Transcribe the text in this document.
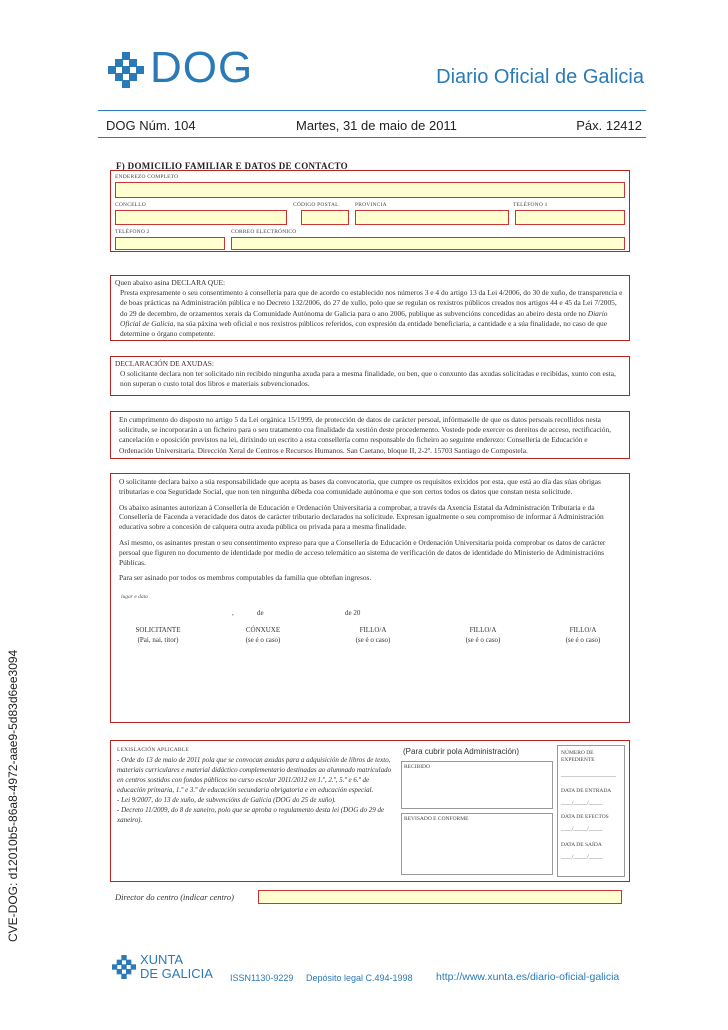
DOG	Diario Oficial de Galicia
DOG Núm. 104	Martes, 31 de maio de 2011	Páx. 12412
CVE-DOG: d12010b5-86a8-4972-aae9-5d83d6ee3094
F) DOMICILIO FAMILIAR E DATOS DE CONTACTO
ENDEREZO COMPLETO
CONCELLO	CÓDIGO POSTAL	PROVINCIA	TELÉFONO 1
TELÉFONO 2	CORREO ELECTRÓNICO
Quen abaixo asina DECLARA QUE:
Presta expresamente o seu consentimento á consellería para que de acordo co establecido nos números 3 e 4 do artigo 13 da Lei 4/2006, do 30 de xuño, de transparencia e de boas prácticas na Administración pública e no Decreto 132/2006, do 27 de xullo, polo que se regulan os rexistros públicos creados nos artigos 44 e 45 da Lei 7/2005, do 29 de decembro, de orzamentos xerais da Comunidade Autónoma de Galicia para o ano 2006, publique as subvencións concedidas ao abeiro desta orde no Diario Oficial de Galicia, na súa páxina web oficial e nos rexistros públicos referidos, con expresión da entidade beneficiaria, a cantidade e a súa finalidade, no caso de que determine o órgano competente.
DECLARACIÓN DE AXUDAS:
O solicitante declara non ter solicitado nin recibido ningunha axuda para a mesma finalidade, ou ben, que o conxunto das axudas solicitadas e recibidas, xunto con esta, non superan o custo total dos libros e materiais subvencionados.
En cumprimento do disposto no artigo 5 da Lei orgánica 15/1999, de protección de datos de carácter persoal, infórmaselle de que os datos persoais recollidos nesta solicitude, se incorporarán a un ficheiro para o seu tratamento coa finalidade da xestión deste procedemento. Vostede pode exercer os dereitos de acceso, rectificación, cancelación e oposición previstos na lei, dirixindo un escrito a esta consellería como responsable do ficheiro ao seguinte enderezo: Consellería de Educación e Ordenación Universitaria. Dirección Xeral de Centros e Recursos Humanos. San Caetano, bloque II, 2-2º. 15703 Santiago de Compostela.

O solicitante declara baixo a súa responsabilidade que acepta as bases da convocatoria, que cumpre os requisitos exixidos por esta, que está ao día das súas obrigas tributarias e coa Seguridade Social, que non ten ningunha débeda coa comunidade autónoma e que son certos todos os datos que constan nesta solicitude.

Os abaixo asinantes autorizan á Consellería de Educación e Ordenación Universitaria a comprobar, a través da Axencia Estatal da Administración Tributaria e da Consellería de Facenda a veracidade dos datos de carácter tributario declarados na solicitude. Expresan igualmente o seu compromiso de informar á Administración educativa sobre a concesión de calquera outra axuda pública ou privada para a mesma finalidade.

Así mesmo, os asinantes prestan o seu consentimento expreso para que a Consellería de Educación e Ordenación Universitaria poida comprobar os datos de carácter persoal que figuren no documento de identidade por medio de acceso telemático ao sistema de verificación de datos de identidade do Ministerio de Administracións Públicas.

Para ser asinado por todos os membros computables da familia que obteñan ingresos.

lugar e data
,	de	de 20
SOLICITANTE
(Pai, nai, titor)
CÓNXUXE
(se é o caso)
FILLO/A
(se é o caso)
FILLO/A
(se é o caso)
FILLO/A
(se é o caso)
LEXISLACIÓN APLICABLE
- Orde do 13 de maio de 2011 pola que se convocan axudas para a adquisición de libros de texto, materiais curriculares e material didáctico complementario destinadas ao alumnado matriculado en centros sostidos con fondos públicos no curso escolar 2011/2012 en 1.º, 2.º, 5.º e 6.º de educación primaria, 1.º e 3.º de educación secundaria obrigatoria e en educación especial.
- Lei 9/2007, do 13 de xuño, de subvencións de Galicia (DOG do 25 de xuño).
- Decreto 11/2009, do 8 de xaneiro, polo que se aproba o regulamento desta lei (DOG do 29 de xaneiro).
(Para cubrir pola Administración)
RECIBIDO
REVISADO E CONFORME
NÚMERO DE EXPEDIENTE
____________________
DATA DE ENTRADA
____/_____/_____
DATA DE EFECTOS
____/_____/_____
DATA DE SAÍDA
____/_____/_____
Director do centro (indicar centro)
XUNTA
DE GALICIA ISSN1130-9229 Depósito legal C.494-1998 http://www.xunta.es/diario-oficial-galicia
